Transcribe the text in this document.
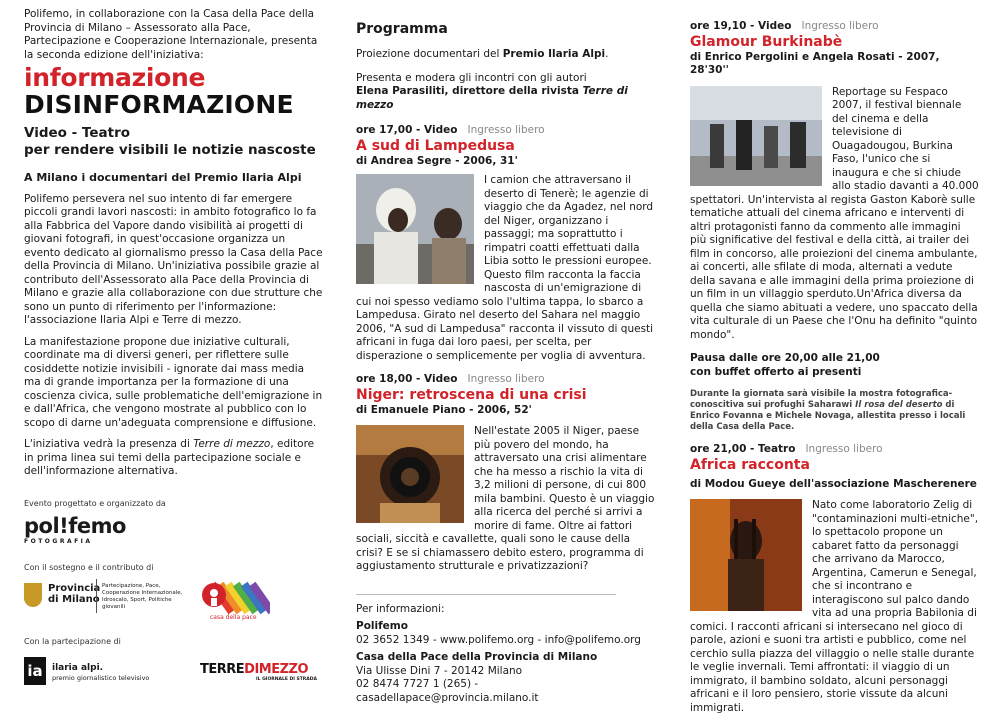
Polifemo, in collaborazione con la Casa della Pace della Provincia di Milano – Assessorato alla Pace, Partecipazione e Cooperazione Internazionale, presenta la seconda edizione dell'iniziativa:

informazione
DISINFORMAZIONE
Video - Teatro
per rendere visibili le notizie nascoste

A Milano i documentari del Premio Ilaria Alpi

Polifemo persevera nel suo intento di far emergere piccoli grandi lavori nascosti: in ambito fotografico lo fa alla Fabbrica del Vapore dando visibilità ai progetti di giovani fotografi, in quest'occasione organizza un evento dedicato al giornalismo presso la Casa della Pace della Provincia di Milano. Un'iniziativa possibile grazie al contributo dell'Assessorato alla Pace della Provincia di Milano e grazie alla collaborazione con due strutture che sono un punto di riferimento per l'informazione: l'associazione Ilaria Alpi e Terre di mezzo.

La manifestazione propone due iniziative culturali, coordinate ma di diversi generi, per riflettere sulle cosiddette notizie invisibili - ignorate dai mass media ma di grande importanza per la formazione di una coscienza civica, sulle problematiche dell'emigrazione in e dall'Africa, che vengono mostrate al pubblico con lo scopo di darne un'adeguata comprensione e diffusione.

L'iniziativa vedrà la presenza di Terre di mezzo, editore in prima linea sui temi della partecipazione sociale e dell'informazione alternativa.

Evento progettato e organizzato da
pol!femo
FOTOGRAFIA
Con il sostegno e il contributo di
Provincia
di Milano
Partecipazione, Pace, Cooperazione Internazionale, Idroscalo, Sport, Politiche giovanili
casa della pace
Con la partecipazione di
ia	ilaria alpi.
premio giornalistico televisivo
TERREDIMEZZO
IL GIORNALE DI STRADA
Programma

Proiezione documentari del Premio Ilaria Alpi.

Presenta e modera gli incontri con gli autori

Elena Parasiliti, direttore della rivista Terre di mezzo

ore 17,00 - Video Ingresso libero

A sud di Lampedusa

di Andrea Segre - 2006, 31'

I camion che attraversano il deserto di Tenerè; le agenzie di viaggio che da Agadez, nel nord del Niger, organizzano i passaggi; ma soprattutto i rimpatri coatti effettuati dalla Libia sotto le pressioni europee. Questo film racconta la faccia nascosta di un'emigrazione di cui noi spesso vediamo solo l'ultima tappa, lo sbarco a Lampedusa. Girato nel deserto del Sahara nel maggio 2006, "A sud di Lampedusa" racconta il vissuto di questi africani in fuga dai loro paesi, per scelta, per disperazione o semplicemente per voglia di avventura.

ore 18,00 - Video Ingresso libero

Niger: retroscena di una crisi

di Emanuele Piano - 2006, 52'

Nell'estate 2005 il Niger, paese più povero del mondo, ha attraversato una crisi alimentare che ha messo a rischio la vita di 3,2 milioni di persone, di cui 800 mila bambini. Questo è un viaggio alla ricerca del perché si arrivi a morire di fame. Oltre ai fattori sociali, siccità e cavallette, quali sono le cause della crisi? E se si chiamassero debito estero, programma di aggiustamento strutturale e privatizzazioni?

Per informazioni:

Polifemo

02 3652 1349 - www.polifemo.org - info@polifemo.org

Casa della Pace della Provincia di Milano

Via Ulisse Dini 7 - 20142 Milano

02 8474 7727 1 (265) - casadellapace@provincia.milano.it

ore 19,10 - Video Ingresso libero

Glamour Burkinabè

di Enrico Pergolini e Angela Rosati - 2007, 28'30''

Reportage su Fespaco 2007, il festival biennale del cinema e della televisione di Ouagadougou, Burkina Faso, l'unico che si inaugura e che si chiude allo stadio davanti a 40.000 spettatori. Un'intervista al regista Gaston Kaborè sulle tematiche attuali del cinema africano e interventi di altri protagonisti fanno da commento alle immagini più significative del festival e della città, ai trailer dei film in concorso, alle proiezioni del cinema ambulante, ai concerti, alle sfilate di moda, alternati a vedute della savana e alle immagini della prima proiezione di un film in un villaggio sperduto.Un'Africa diversa da quella che siamo abituati a vedere, uno spaccato della vita culturale di un Paese che l'Onu ha definito "quinto mondo".

Pausa dalle ore 20,00 alle 21,00

con buffet offerto ai presenti

Durante la giornata sarà visibile la mostra fotografica-conoscitiva sui profughi Saharawi Il rosa del deserto di Enrico Fovanna e Michele Novaga, allestita presso i locali della Casa della Pace.

ore 21,00 - Teatro Ingresso libero

Africa racconta

di Modou Gueye dell'associazione Mascherenere

Nato come laboratorio Zelig di "contaminazioni multi-etniche", lo spettacolo propone un cabaret fatto da personaggi che arrivano da Marocco, Argentina, Camerun e Senegal, che si incontrano e interagiscono sul palco dando vita ad una propria Babilonia di comici. I racconti africani si intersecano nel gioco di parole, azioni e suoni tra artisti e pubblico, come nel cerchio sulla piazza del villaggio o nelle stalle durante le veglie invernali. Temi affrontati: il viaggio di un immigrato, il bambino soldato, alcuni personaggi africani e il loro pensiero, storie vissute da alcuni immigrati.
